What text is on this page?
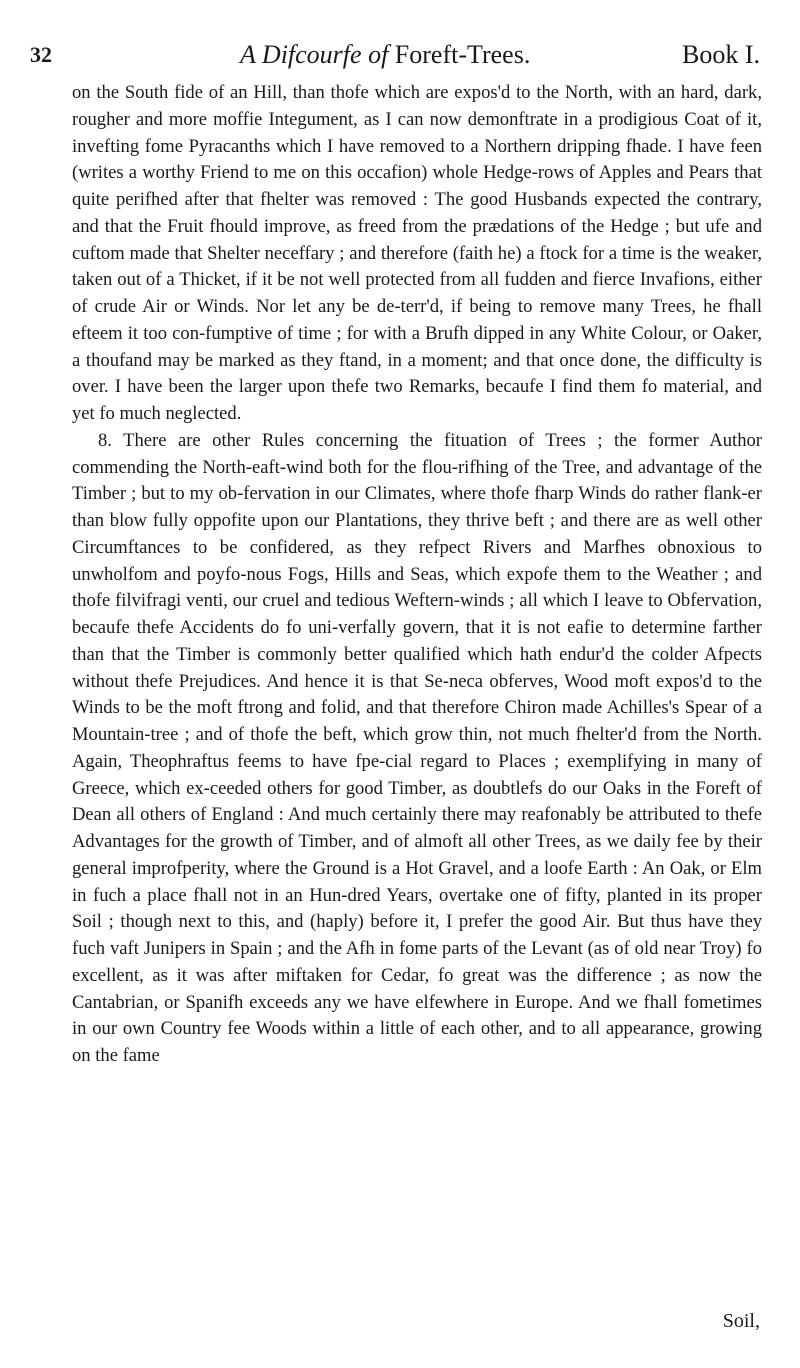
32	A Difcourfe of Foreft-Trees.	Book I.

on the South fide of an Hill, than thofe which are expos'd to the North, with an hard, dark, rougher and more moffie Integument, as I can now demonftrate in a prodigious Coat of it, invefting fome Pyracanths which I have removed to a Northern dripping fhade. I have feen (writes a worthy Friend to me on this occafion) whole Hedge-rows of Apples and Pears that quite perifhed after that fhelter was removed : The good Husbands expected the contrary, and that the Fruit fhould improve, as freed from the prædations of the Hedge ; but ufe and cuftom made that Shelter neceffary ; and therefore (faith he) a ftock for a time is the weaker, taken out of a Thicket, if it be not well protected from all fudden and fierce Invafions, either of crude Air or Winds. Nor let any be de-terr'd, if being to remove many Trees, he fhall efteem it too con-fumptive of time ; for with a Brufh dipped in any White Colour, or Oaker, a thoufand may be marked as they ftand, in a moment; and that once done, the difficulty is over. I have been the larger upon thefe two Remarks, becaufe I find them fo material, and yet fo much neglected.

8. There are other Rules concerning the fituation of Trees ; the former Author commending the North-eaft-wind both for the flou-rifhing of the Tree, and advantage of the Timber ; but to my ob-fervation in our Climates, where thofe fharp Winds do rather flank-er than blow fully oppofite upon our Plantations, they thrive beft ; and there are as well other Circumftances to be confidered, as they refpect Rivers and Marfhes obnoxious to unwholfom and poyfo-nous Fogs, Hills and Seas, which expofe them to the Weather ; and thofe filvifragi venti, our cruel and tedious Weftern-winds ; all which I leave to Obfervation, becaufe thefe Accidents do fo uni-verfally govern, that it is not eafie to determine farther than that the Timber is commonly better qualified which hath endur'd the colder Afpects without thefe Prejudices. And hence it is that Se-neca obferves, Wood moft expos'd to the Winds to be the moft ftrong and folid, and that therefore Chiron made Achilles's Spear of a Mountain-tree ; and of thofe the beft, which grow thin, not much fhelter'd from the North. Again, Theophraftus feems to have fpe-cial regard to Places ; exemplifying in many of Greece, which ex-ceeded others for good Timber, as doubtlefs do our Oaks in the Foreft of Dean all others of England : And much certainly there may reafonably be attributed to thefe Advantages for the growth of Timber, and of almoft all other Trees, as we daily fee by their general improfperity, where the Ground is a Hot Gravel, and a loofe Earth : An Oak, or Elm in fuch a place fhall not in an Hun-dred Years, overtake one of fifty, planted in its proper Soil ; though next to this, and (haply) before it, I prefer the good Air. But thus have they fuch vaft Junipers in Spain ; and the Afh in fome parts of the Levant (as of old near Troy) fo excellent, as it was after miftaken for Cedar, fo great was the difference ; as now the Cantabrian, or Spanifh exceeds any we have elfewhere in Europe. And we fhall fometimes in our own Country fee Woods within a little of each other, and to all appearance, growing on the fame

Soil,
